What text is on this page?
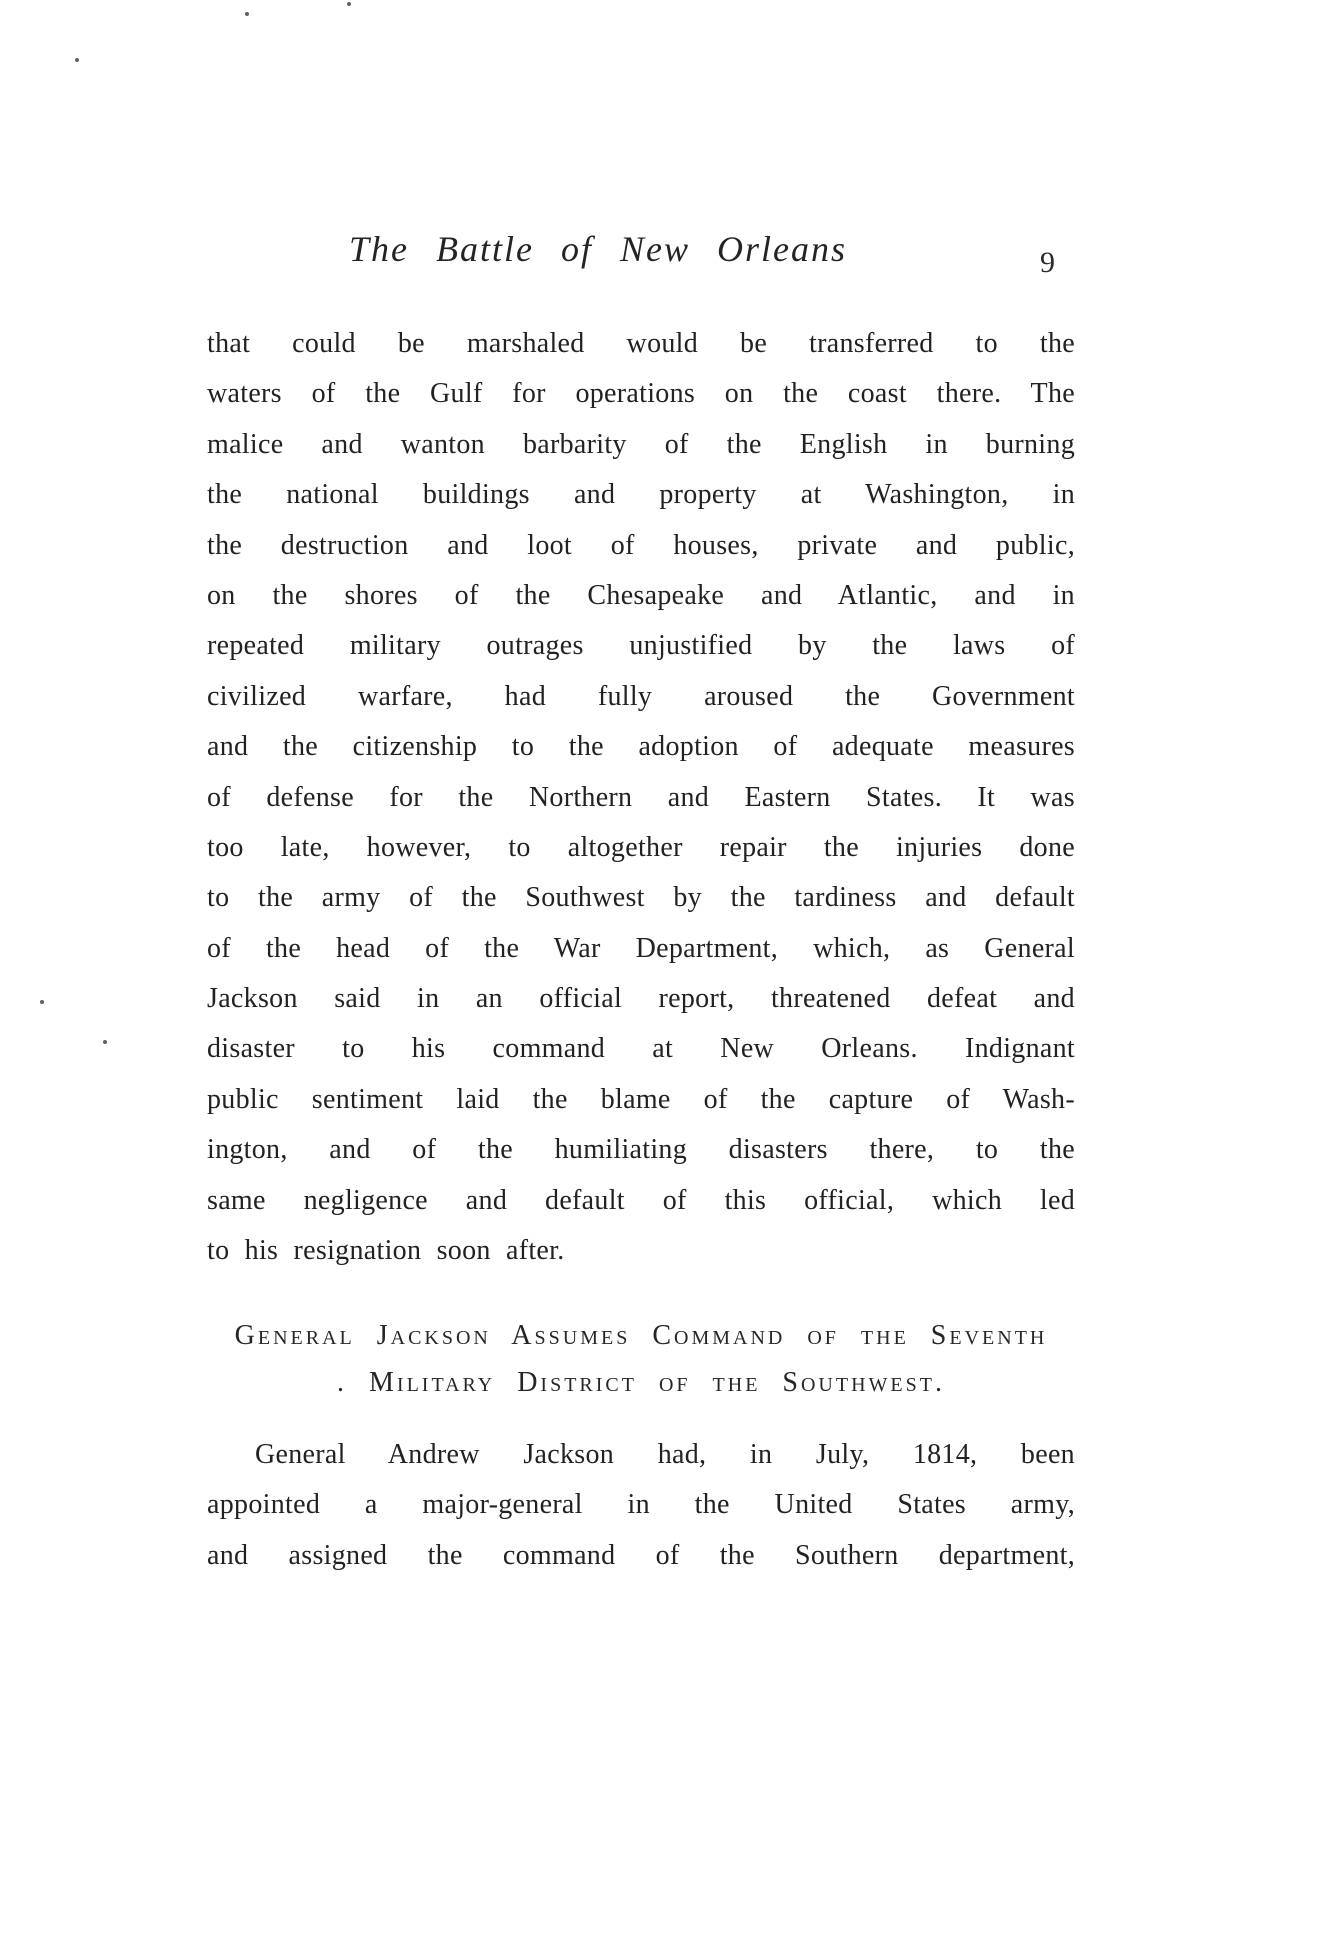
The Battle of New Orleans	9
that could be marshaled would be transferred to the
waters of the Gulf for operations on the coast there. The
malice and wanton barbarity of the English in burning
the national buildings and property at Washington, in
the destruction and loot of houses, private and public,
on the shores of the Chesapeake and Atlantic, and in
repeated military outrages unjustified by the laws of
civilized warfare, had fully aroused the Government
and the citizenship to the adoption of adequate measures
of defense for the Northern and Eastern States. It was
too late, however, to altogether repair the injuries done
to the army of the Southwest by the tardiness and default
of the head of the War Department, which, as General
Jackson said in an official report, threatened defeat and
disaster to his command at New Orleans. Indignant
public sentiment laid the blame of the capture of Wash-
ington, and of the humiliating disasters there, to the
same negligence and default of this official, which led
to his resignation soon after.
General Jackson Assumes Command of the Seventh
. Military District of the Southwest.
General Andrew Jackson had, in July, 1814, been
appointed a major-general in the United States army,
and assigned the command of the Southern department,
